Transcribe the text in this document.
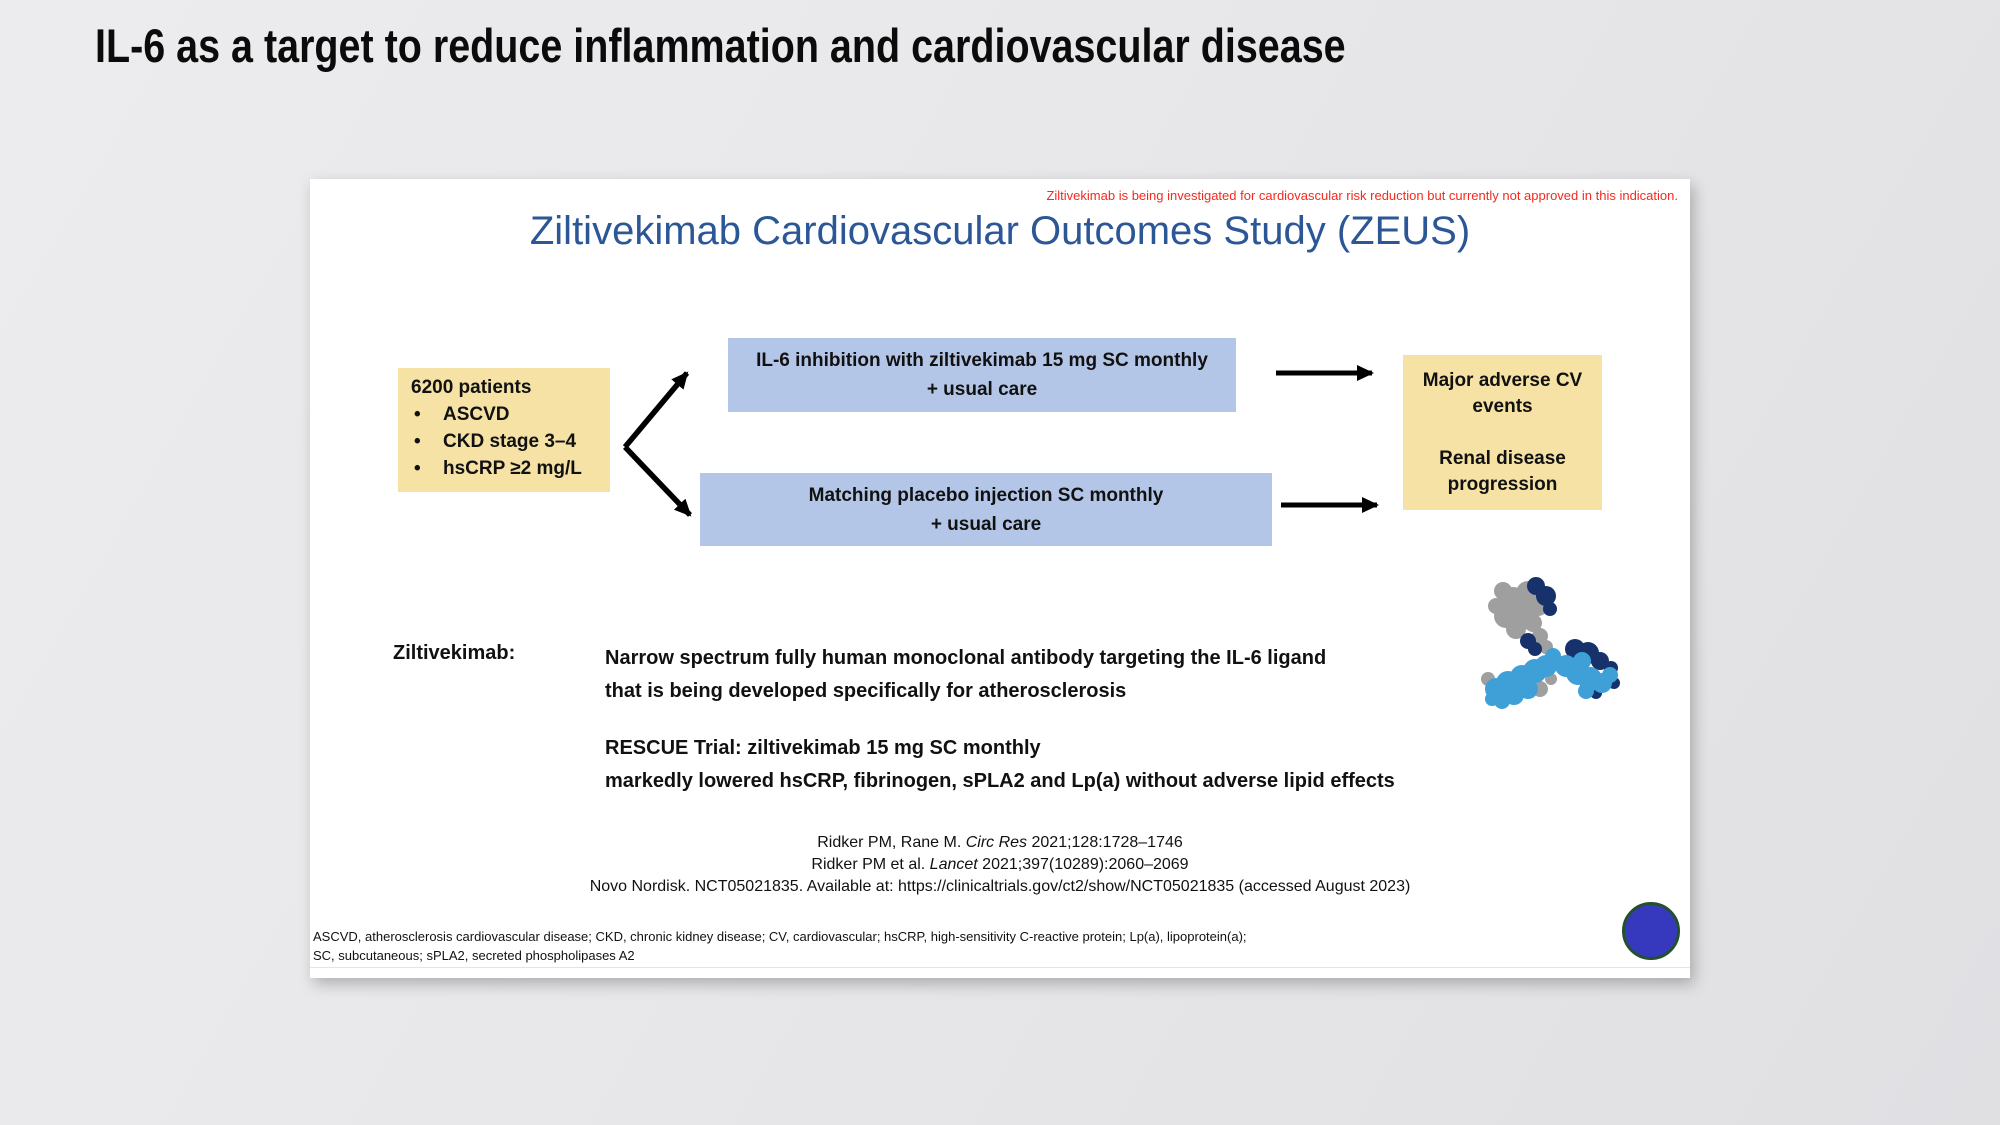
IL-6 as a target to reduce inflammation and cardiovascular disease
Ziltivekimab is being investigated for cardiovascular risk reduction but currently not approved in this indication.
Ziltivekimab Cardiovascular Outcomes Study (ZEUS)
6200 patients
•	ASCVD
•	CKD stage 3–4
•	hsCRP ≥2 mg/L
IL-6 inhibition with ziltivekimab 15 mg SC monthly
+ usual care
Matching placebo injection SC monthly
+ usual care
Major adverse CV events
Renal disease progression
Ziltivekimab:	Narrow spectrum fully human monoclonal antibody targeting the IL-6 ligand
that is being developed specifically for atherosclerosis
RESCUE Trial: ziltivekimab 15 mg SC monthly
markedly lowered hsCRP, fibrinogen, sPLA2 and Lp(a) without adverse lipid effects
Ridker PM, Rane M. Circ Res 2021;128:1728–1746
Ridker PM et al. Lancet 2021;397(10289):2060–2069
Novo Nordisk. NCT05021835. Available at: https://clinicaltrials.gov/ct2/show/NCT05021835 (accessed August 2023)
ASCVD, atherosclerosis cardiovascular disease; CKD, chronic kidney disease; CV, cardiovascular; hsCRP, high-sensitivity C-reactive protein; Lp(a), lipoprotein(a);
SC, subcutaneous; sPLA2, secreted phospholipases A2
